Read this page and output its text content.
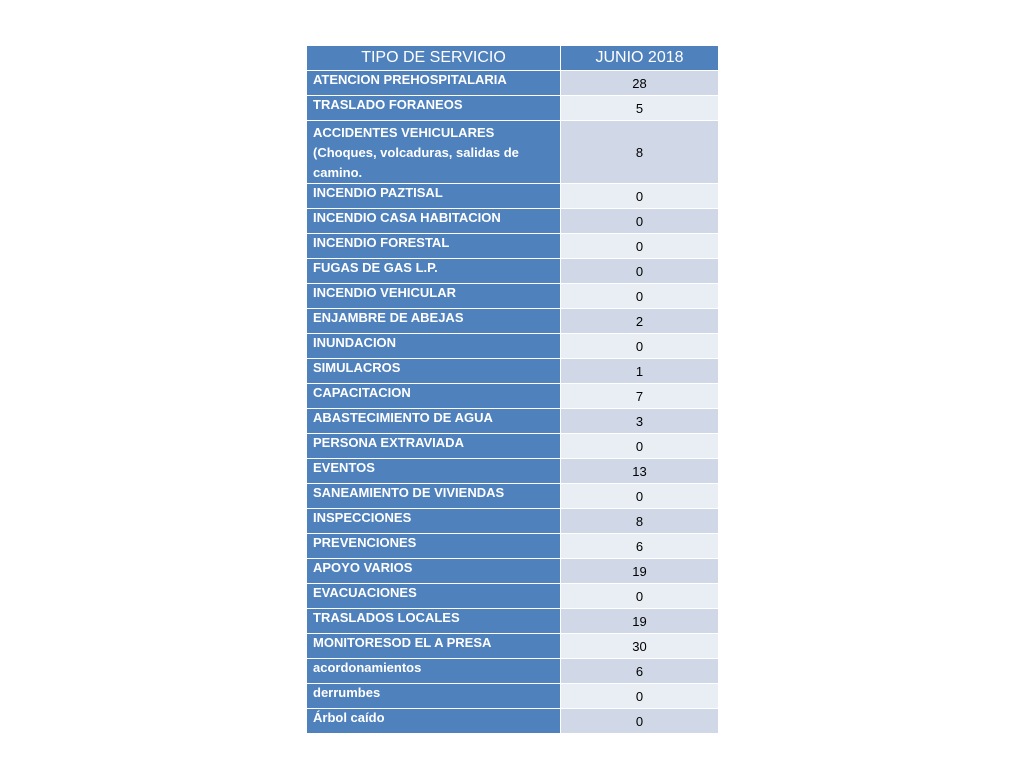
TIPO DE SERVICIO	JUNIO 2018
ATENCION PREHOSPITALARIA	28
TRASLADO FORANEOS	5
ACCIDENTES VEHICULARES (Choques, volcaduras, salidas de camino.	8
INCENDIO PAZTISAL	0
INCENDIO CASA HABITACION	0
INCENDIO FORESTAL	0
FUGAS DE GAS L.P.	0
INCENDIO VEHICULAR	0
ENJAMBRE DE ABEJAS	2
INUNDACION	0
SIMULACROS	1
CAPACITACION	7
ABASTECIMIENTO DE AGUA	3
PERSONA EXTRAVIADA	0
EVENTOS	13
SANEAMIENTO DE VIVIENDAS	0
INSPECCIONES	8
PREVENCIONES	6
APOYO VARIOS	19
EVACUACIONES	0
TRASLADOS LOCALES	19
MONITORESOD EL A PRESA	30
acordonamientos	6
derrumbes	0
Árbol caído	0
